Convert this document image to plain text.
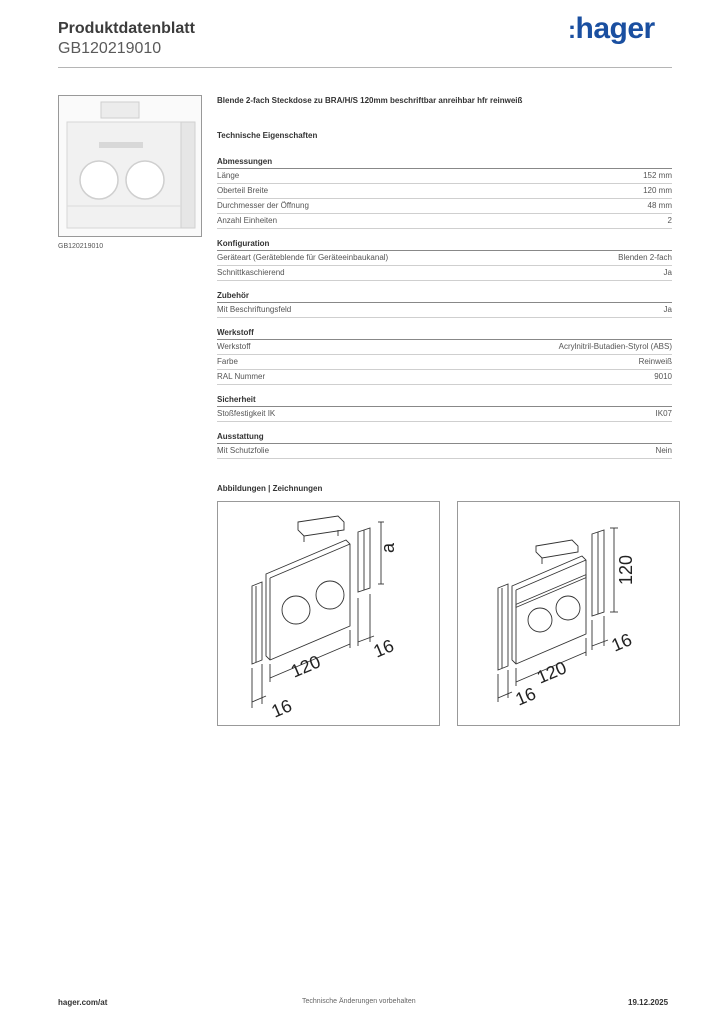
Produktdatenblatt
GB120219010
:hager
GB120219010
Blende 2-fach Steckdose zu BRA/H/S 120mm beschriftbar anreihbar hfr reinweiß
Technische Eigenschaften
Abmessungen
Länge	152 mm
Oberteil Breite	120 mm
Durchmesser der Öffnung	48 mm
Anzahl Einheiten	2
Konfiguration
Geräteart (Geräteblende für Geräteeinbaukanal)	Blenden 2-fach
Schnittkaschierend	Ja
Zubehör
Mit Beschriftungsfeld	Ja
Werkstoff
Werkstoff	Acrylnitril-Butadien-Styrol (ABS)
Farbe	Reinweiß
RAL Nummer	9010
Sicherheit
Stoßfestigkeit IK	IK07
Ausstattung
Mit Schutzfolie	Nein
Abbildungen | Zeichnungen
a
120
16
16
120
120
16
16
hager.com/at	Technische Änderungen vorbehalten	19.12.2025
